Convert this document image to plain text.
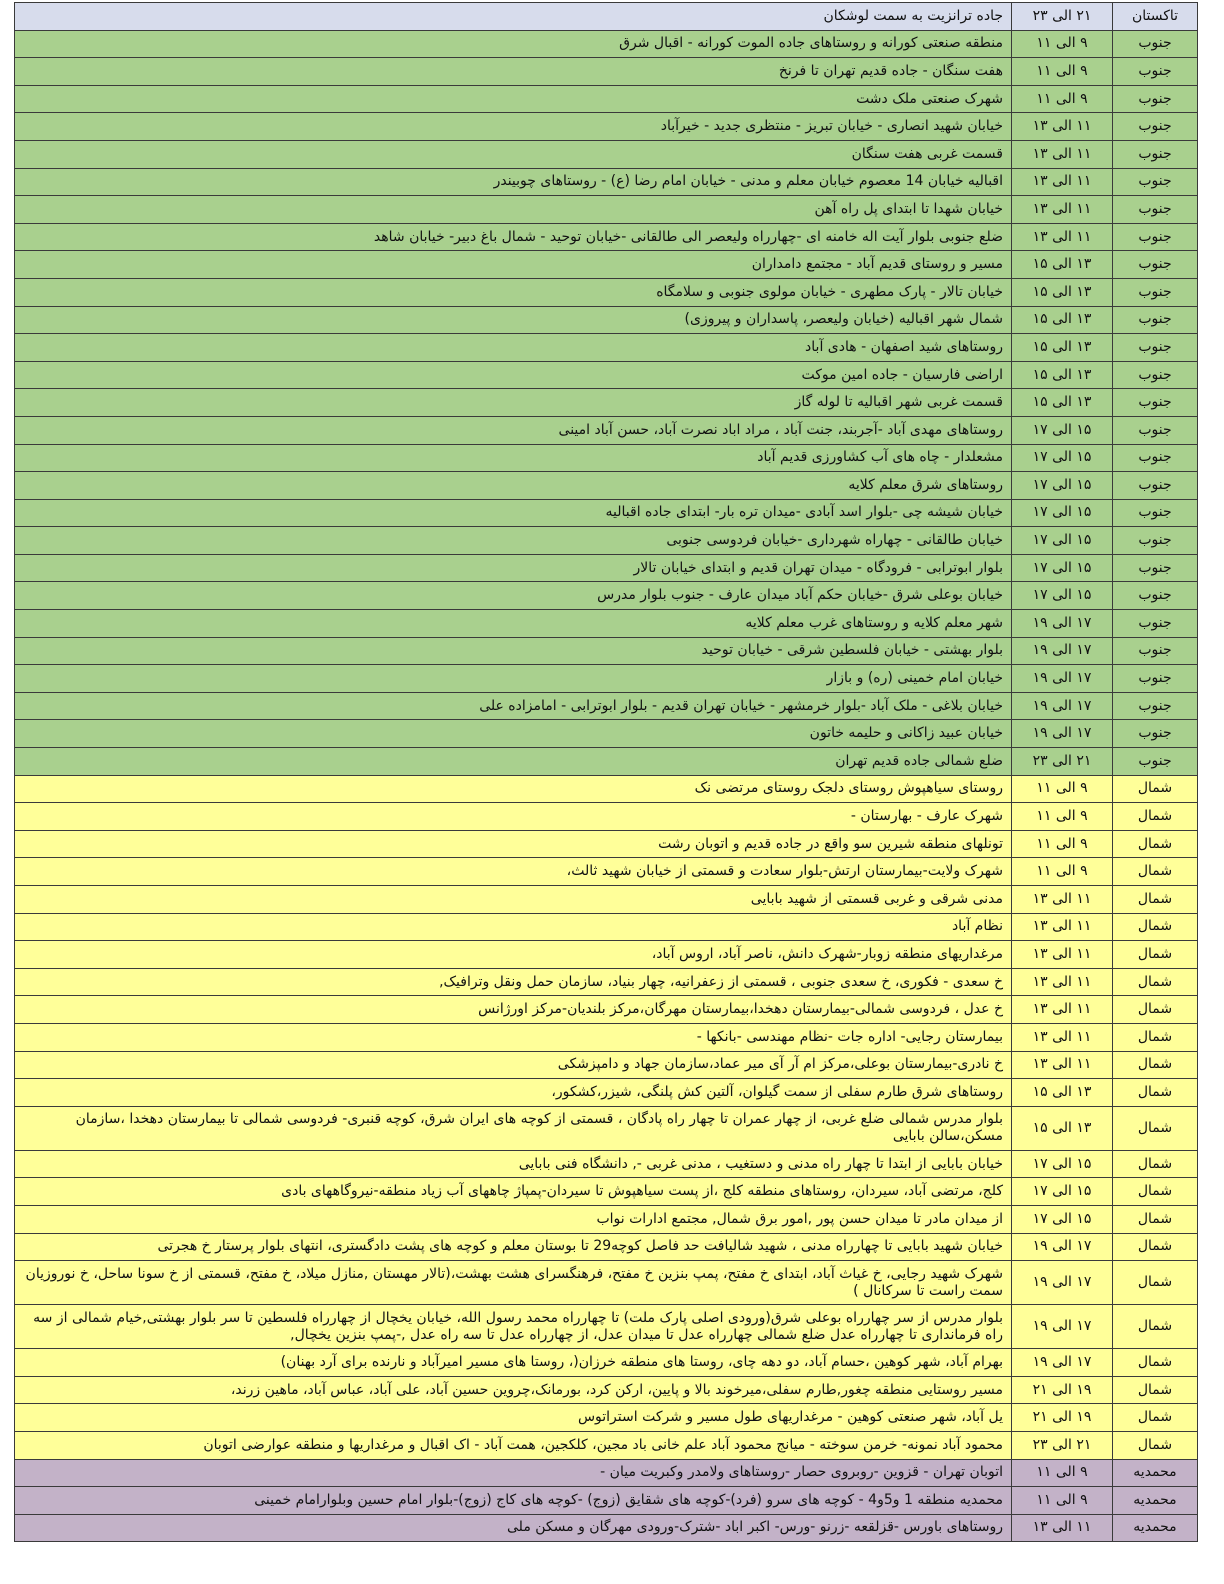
تاکستان	۲۱ الی ۲۳	جاده ترانزیت به سمت لوشکان
جنوب	۹ الی ۱۱	منطقه صنعتی کورانه و روستاهای جاده الموت کورانه - اقبال شرق
جنوب	۹ الی ۱۱	هفت سنگان - جاده قدیم تهران تا فرنخ
جنوب	۹ الی ۱۱	شهرک صنعتی ملک دشت
جنوب	۱۱ الی ۱۳	خیابان شهید انصاری - خیابان تبریز - منتظری جدید - خیرآباد
جنوب	۱۱ الی ۱۳	قسمت غربی هفت سنگان
جنوب	۱۱ الی ۱۳	اقبالیه خیابان 14 معصوم خیابان معلم و مدنی - خیابان امام رضا (ع) - روستاهای چوبیندر
جنوب	۱۱ الی ۱۳	خیابان شهدا تا ابتدای پل راه آهن
جنوب	۱۱ الی ۱۳	ضلع جنوبی بلوار آیت اله خامنه ای -چهارراه ولیعصر الی طالقانی -خیابان توحید - شمال باغ دبیر- خیابان شاهد
جنوب	۱۳ الی ۱۵	مسیر و روستای قدیم آباد - مجتمع دامداران
جنوب	۱۳ الی ۱۵	خیابان تالار - پارک مطهری - خیابان مولوی جنوبی و سلامگاه
جنوب	۱۳ الی ۱۵	شمال شهر اقبالیه (خیابان ولیعصر، پاسداران و پیروزی)
جنوب	۱۳ الی ۱۵	روستاهای شید اصفهان - هادی آباد
جنوب	۱۳ الی ۱۵	اراضی فارسیان - جاده امین موکت
جنوب	۱۳ الی ۱۵	قسمت غربی شهر اقبالیه تا لوله گاز
جنوب	۱۵ الی ۱۷	روستاهای مهدی آباد -آجربند، جنت آباد ، مراد اباد نصرت آباد، حسن آباد امینی
جنوب	۱۵ الی ۱۷	مشعلدار - چاه های آب کشاورزی قدیم آباد
جنوب	۱۵ الی ۱۷	روستاهای شرق معلم کلایه
جنوب	۱۵ الی ۱۷	خیابان شیشه چی -بلوار اسد آبادی -میدان تره بار- ابتدای جاده اقبالیه
جنوب	۱۵ الی ۱۷	خیابان طالقانی - چهاراه شهرداری -خیابان فردوسی جنوبی
جنوب	۱۵ الی ۱۷	بلوار ابوترابی - فرودگاه - میدان تهران قدیم و ابتدای خیابان تالار
جنوب	۱۵ الی ۱۷	خیابان بوعلی شرق -خیابان حکم آباد میدان عارف - جنوب بلوار مدرس
جنوب	۱۷ الی ۱۹	شهر معلم کلایه و روستاهای غرب معلم کلایه
جنوب	۱۷ الی ۱۹	بلوار بهشتی - خیابان فلسطین شرقی - خیابان توحید
جنوب	۱۷ الی ۱۹	خیابان امام خمینی (ره) و بازار
جنوب	۱۷ الی ۱۹	خیابان بلاغی - ملک آباد -بلوار خرمشهر - خیابان تهران قدیم - بلوار ابوترابی - امامزاده علی
جنوب	۱۷ الی ۱۹	خیابان عبید زاکانی و حلیمه خاتون
جنوب	۲۱ الی ۲۳	ضلع شمالی جاده قدیم تهران
شمال	۹ الی ۱۱	روستای سیاهپوش روستای دلجک روستای مرتضی نک
شمال	۹ الی ۱۱	شهرک عارف - بهارستان -
شمال	۹ الی ۱۱	تونلهای منطقه شیرین سو واقع در جاده قدیم و اتوبان رشت
شمال	۹ الی ۱۱	شهرک ولایت-بیمارستان ارتش-بلوار سعادت و قسمتی از خیابان شهید ثالث،
شمال	۱۱ الی ۱۳	مدنی شرقی و غربی قسمتی از شهید بابایی
شمال	۱۱ الی ۱۳	نظام آباد
شمال	۱۱ الی ۱۳	مرغداریهای منطقه زوبار-شهرک دانش، ناصر آباد، اروس آباد،
شمال	۱۱ الی ۱۳	خ سعدی - فکوری، خ سعدی جنوبی ، قسمتی از زعفرانیه، چهار بنیاد، سازمان حمل ونقل وترافیک,
شمال	۱۱ الی ۱۳	خ عدل ، فردوسی شمالی-بیمارستان دهخدا،بیمارستان مهرگان،مرکز بلندیان-مرکز اورژانس
شمال	۱۱ الی ۱۳	بیمارستان رجایی- اداره جات -نظام مهندسی -بانکها -
شمال	۱۱ الی ۱۳	خ نادری-بیمارستان بوعلی،مرکز ام آر آی میر عماد،سازمان جهاد و دامپزشکی
شمال	۱۳ الی ۱۵	روستاهای شرق طارم سفلی از سمت گیلوان، آلتین کش پلنگی، شیزر،کشکور،
شمال	۱۳ الی ۱۵	بلوار مدرس شمالی ضلع غربی، از چهار عمران تا چهار راه پادگان ، قسمتی از کوچه های ایران شرق، کوچه قنبری- فردوسی شمالی تا بیمارستان دهخدا ،سازمان مسکن،سالن بابایی
شمال	۱۵ الی ۱۷	خیابان بابایی از ابتدا تا چهار راه مدنی و دستغیب ، مدنی غربی -, دانشگاه فنی بابایی
شمال	۱۵ الی ۱۷	کلج، مرتضی آباد، سیردان، روستاهای منطقه کلج ،از پست سیاهپوش تا سیردان-پمپاژ چاههای آب زیاد منطقه-نیروگاههای بادی
شمال	۱۵ الی ۱۷	از میدان مادر تا میدان حسن پور ,امور برق شمال, مجتمع ادارات نواب
شمال	۱۷ الی ۱۹	خیابان شهید بابایی تا چهارراه مدنی ، شهید شالیافت حد فاصل کوچه29 تا بوستان معلم و کوچه های پشت دادگستری، انتهای بلوار پرستار خ هجرتی
شمال	۱۷ الی ۱۹	شهرک شهید رجایی، خ غیاث آباد، ابتدای خ مفتح، پمپ بنزین خ مفتح، فرهنگسرای هشت بهشت،(تالار مهستان ,منازل میلاد، خ مفتح، قسمتی از خ سونا ساحل، خ نوروزیان سمت راست تا سرکانال )
شمال	۱۷ الی ۱۹	بلوار مدرس از سر چهارراه بوعلی شرق(ورودی اصلی پارک ملت) تا چهارراه محمد رسول الله، خیابان یخچال از چهارراه فلسطین تا سر بلوار بهشتی,خیام شمالی از سه راه فرمانداری تا چهارراه عدل ضلع شمالی چهارراه عدل تا میدان عدل، از چهارراه عدل تا سه راه عدل ,-پمپ بنزین یخچال,
شمال	۱۷ الی ۱۹	بهرام آباد، شهر کوهین ،حسام آباد، دو دهه چای، روستا های منطقه خرزان(، روستا های مسیر امیرآباد و نارنده برای آرد بهنان)
شمال	۱۹ الی ۲۱	مسیر روستایی منطقه چغور,طارم سفلی،میرخوند بالا و پایین، ارکن کرد، بورمانک،چروین حسین آباد، علی آباد، عباس آباد، ماهین زرند،
شمال	۱۹ الی ۲۱	یل آباد، شهر صنعتی کوهین - مرغداریهای طول مسیر و شرکت استراتوس
شمال	۲۱ الی ۲۳	محمود آباد نمونه- خرمن سوخته - میانج محمود آباد علم خانی باد مجین، کلکجین، همت آباد - اک اقبال و مرغداریها و منطقه عوارضی اتوبان
محمدیه	۹ الی ۱۱	اتوبان تهران - قزوین -روبروی حصار -روستاهای ولامدر وکبریت میان -
محمدیه	۹ الی ۱۱	محمدیه منطقه 1 و5و4 - کوچه های سرو (فرد)-کوچه های شقایق (زوج) -کوچه های کاج (زوج)-بلوار امام حسین وبلوارامام خمینی
محمدیه	۱۱ الی ۱۳	روستاهای باورس -قزلقعه -زرنو -ورس- اکبر اباد -شترک-ورودی مهرگان و مسکن ملی
